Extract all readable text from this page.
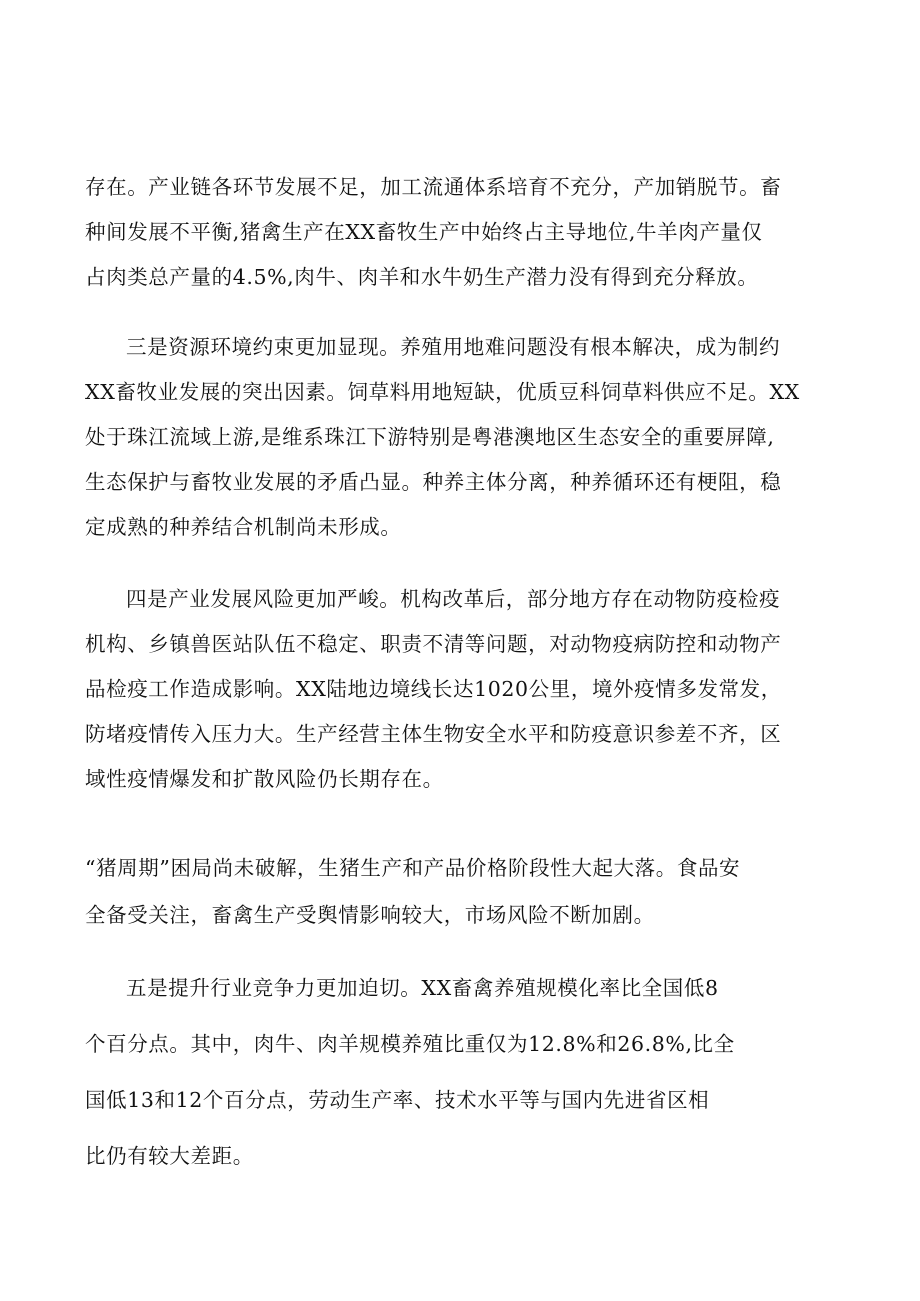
存在。产业链各环节发展不足，加工流通体系培育不充分，产加销脱节。畜
种间发展不平衡,猪禽生产在XX畜牧生产中始终占主导地位,牛羊肉产量仅
占肉类总产量的4.5%,肉牛、肉羊和水牛奶生产潜力没有得到充分释放。
三是资源环境约束更加显现。养殖用地难问题没有根本解决，成为制约
XX畜牧业发展的突出因素。饲草料用地短缺，优质豆科饲草料供应不足。XX
处于珠江流域上游,是维系珠江下游特别是粤港澳地区生态安全的重要屏障,
生态保护与畜牧业发展的矛盾凸显。种养主体分离，种养循环还有梗阻，稳
定成熟的种养结合机制尚未形成。
四是产业发展风险更加严峻。机构改革后，部分地方存在动物防疫检疫
机构、乡镇兽医站队伍不稳定、职责不清等问题，对动物疫病防控和动物产
品检疫工作造成影响。XX陆地边境线长达1020公里，境外疫情多发常发，
防堵疫情传入压力大。生产经营主体生物安全水平和防疫意识参差不齐，区
域性疫情爆发和扩散风险仍长期存在。
“猪周期”困局尚未破解，生猪生产和产品价格阶段性大起大落。食品安
全备受关注，畜禽生产受舆情影响较大，市场风险不断加剧。
五是提升行业竞争力更加迫切。XX畜禽养殖规模化率比全国低8
个百分点。其中，肉牛、肉羊规模养殖比重仅为12.8%和26.8%,比全
国低13和12个百分点，劳动生产率、技术水平等与国内先进省区相
比仍有较大差距。
